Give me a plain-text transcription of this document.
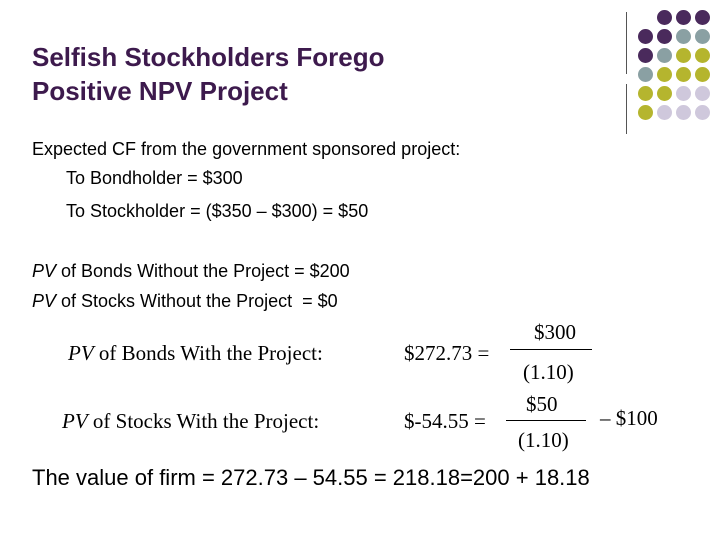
Selfish Stockholders Forego
Positive NPV Project
Expected CF from the government sponsored project:
To Bondholder = $300
To Stockholder = ($350 – $300) = $50
PV of Bonds Without the Project = $200
PV of Stocks Without the Project  = $0
PV of Bonds With the Project:	$272.73 =
$300
(1.10)
PV of Stocks With the Project:	$-54.55 =
$50
(1.10)
– $100
The value of firm = 272.73 – 54.55 = 218.18=200 + 18.18
